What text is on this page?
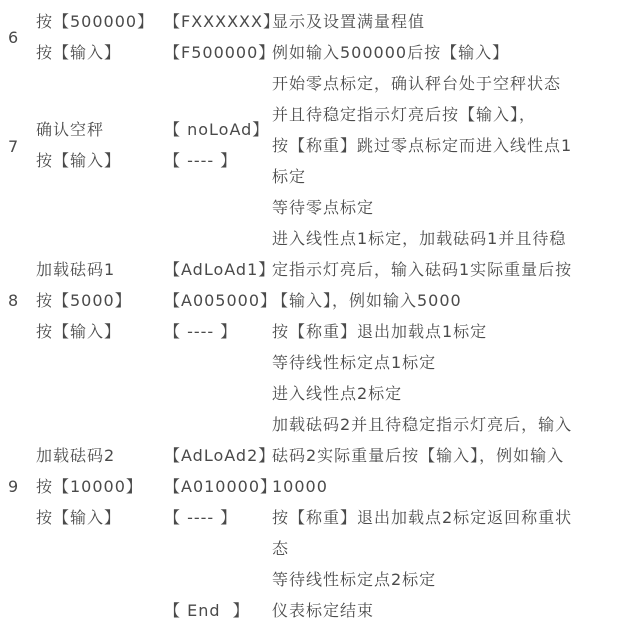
6
7
8
9
按【500000】
按【输入】
【FXXXXXX】
【F500000】
显示及设置满量程值
例如输入500000后按【输入】
确认空秤
按【输入】
【 noLoAd】
【 ---- 】
开始零点标定，确认秤台处于空秤状态
并且待稳定指示灯亮后按【输入】，
按【称重】跳过零点标定而进入线性点1
标定
等待零点标定
加载砝码1
按【5000】
按【输入】
【AdLoAd1】
【A005000】
【 ---- 】
进入线性点1标定，加载砝码1并且待稳
定指示灯亮后，输入砝码1实际重量后按
【输入】，例如输入5000
按【称重】退出加载点1标定
等待线性标定点1标定
加载砝码2
按【10000】
按【输入】
【AdLoAd2】
【A010000】
【 ---- 】
进入线性点2标定
加载砝码2并且待稳定指示灯亮后，输入
砝码2实际重量后按【输入】，例如输入
10000
按【称重】退出加载点2标定返回称重状
态
等待线性标定点2标定
【 End  】 仪表标定结束
